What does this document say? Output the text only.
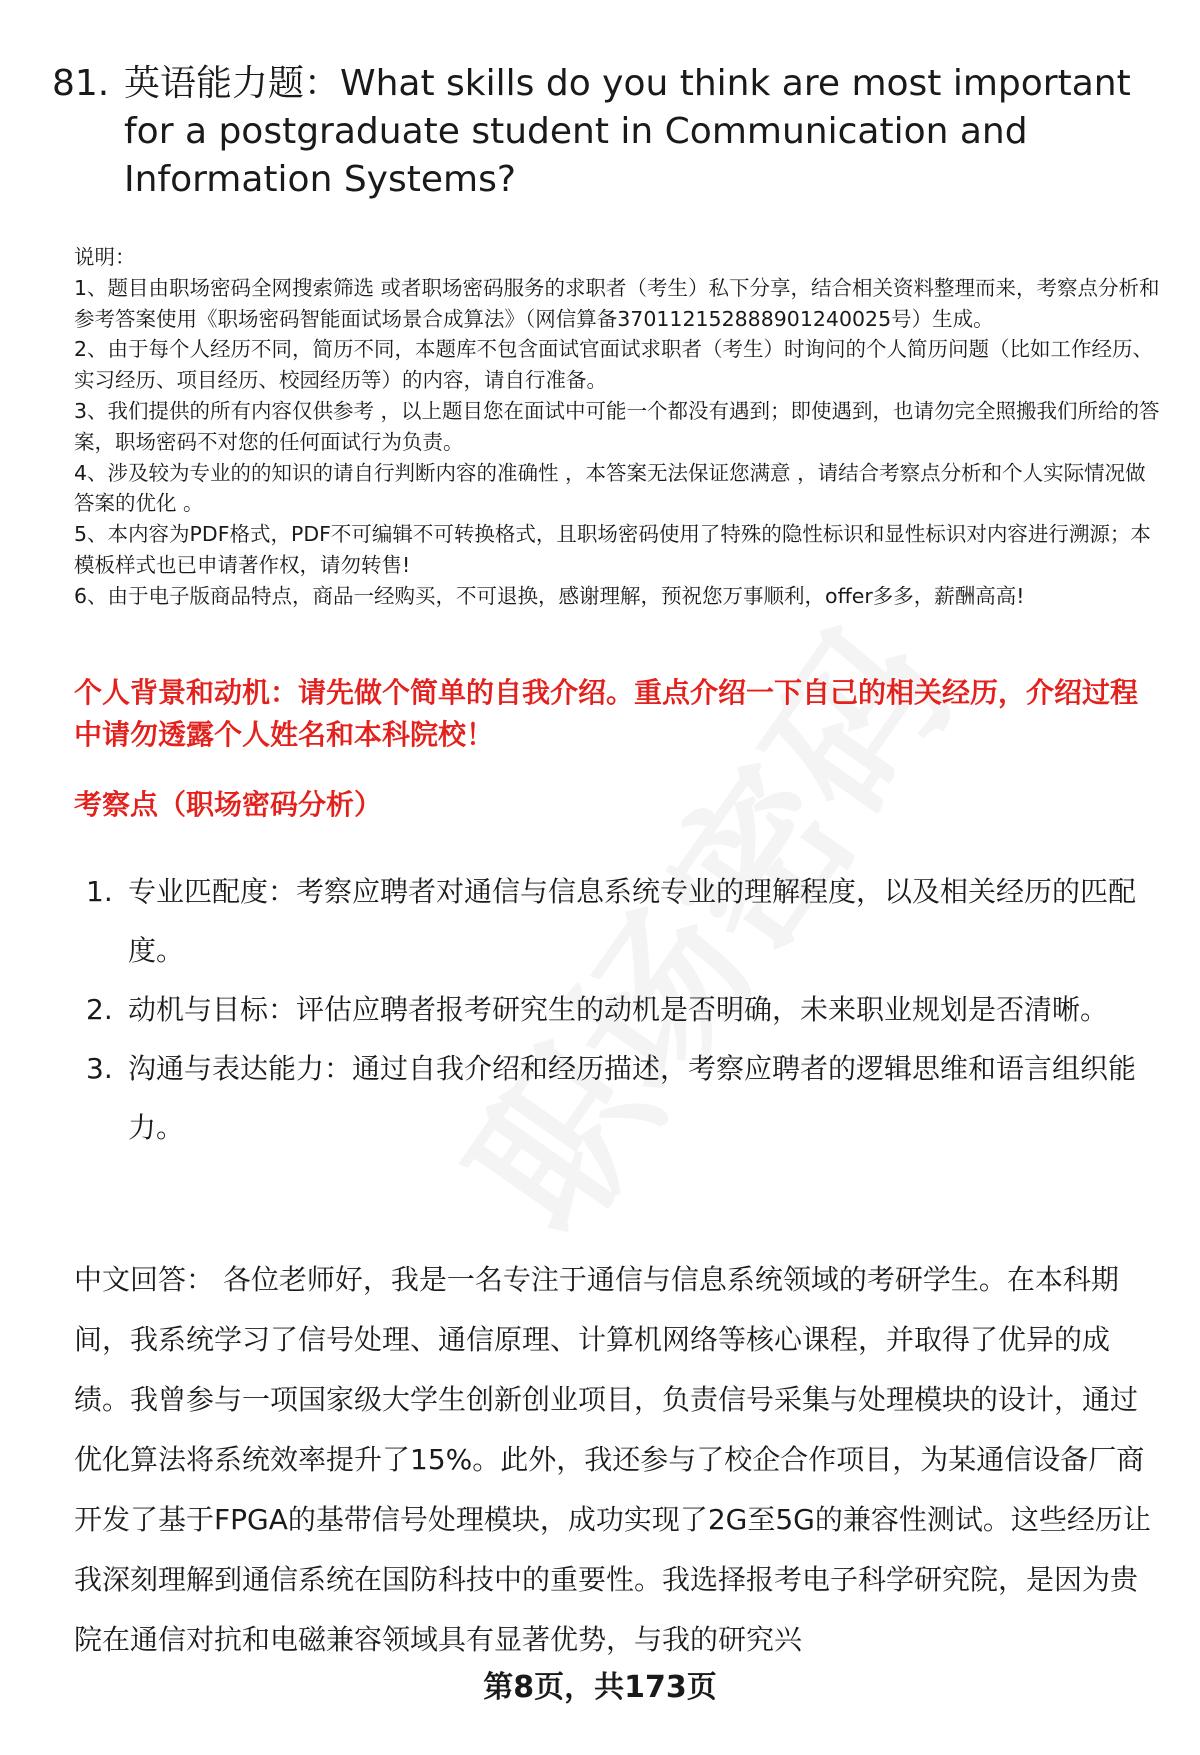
81. 英语能力题：What skills do you think are most important for a postgraduate student in Communication and Information Systems?

说明：

1、题目由职场密码全网搜索筛选 或者职场密码服务的求职者（考生）私下分享，结合相关资料整理而来，考察点分析和参考答案使用《职场密码智能面试场景合成算法》（网信算备370112152888901240025号）生成。

2、由于每个人经历不同，简历不同，本题库不包含面试官面试求职者（考生）时询问的个人简历问题（比如工作经历、实习经历、项目经历、校园经历等）的内容，请自行准备。

3、我们提供的所有内容仅供参考 ，以上题目您在面试中可能一个都没有遇到；即使遇到，也请勿完全照搬我们所给的答案，职场密码不对您的任何面试行为负责。

4、涉及较为专业的的知识的请自行判断内容的准确性 ，本答案无法保证您满意 ，请结合考察点分析和个人实际情况做答案的优化 。

5、本内容为PDF格式，PDF不可编辑不可转换格式，且职场密码使用了特殊的隐性标识和显性标识对内容进行溯源；本模板样式也已申请著作权，请勿转售!

6、由于电子版商品特点，商品一经购买，不可退换，感谢理解，预祝您万事顺利，offer多多，薪酬高高!

个人背景和动机：请先做个简单的自我介绍。重点介绍一下自己的相关经历，介绍过程中请勿透露个人姓名和本科院校！
考察点（职场密码分析）
1. 专业匹配度：考察应聘者对通信与信息系统专业的理解程度，以及相关经历的匹配度。
2. 动机与目标：评估应聘者报考研究生的动机是否明确，未来职业规划是否清晰。
3. 沟通与表达能力：通过自我介绍和经历描述，考察应聘者的逻辑思维和语言组织能力。
中文回答： 各位老师好，我是一名专注于通信与信息系统领域的考研学生。在本科期间，我系统学习了信号处理、通信原理、计算机网络等核心课程，并取得了优异的成绩。我曾参与一项国家级大学生创新创业项目，负责信号采集与处理模块的设计，通过优化算法将系统效率提升了15%。此外，我还参与了校企合作项目，为某通信设备厂商开发了基于FPGA的基带信号处理模块，成功实现了2G至5G的兼容性测试。这些经历让我深刻理解到通信系统在国防科技中的重要性。我选择报考电子科学研究院，是因为贵院在通信对抗和电磁兼容领域具有显著优势，与我的研究兴
第8页，共173页
